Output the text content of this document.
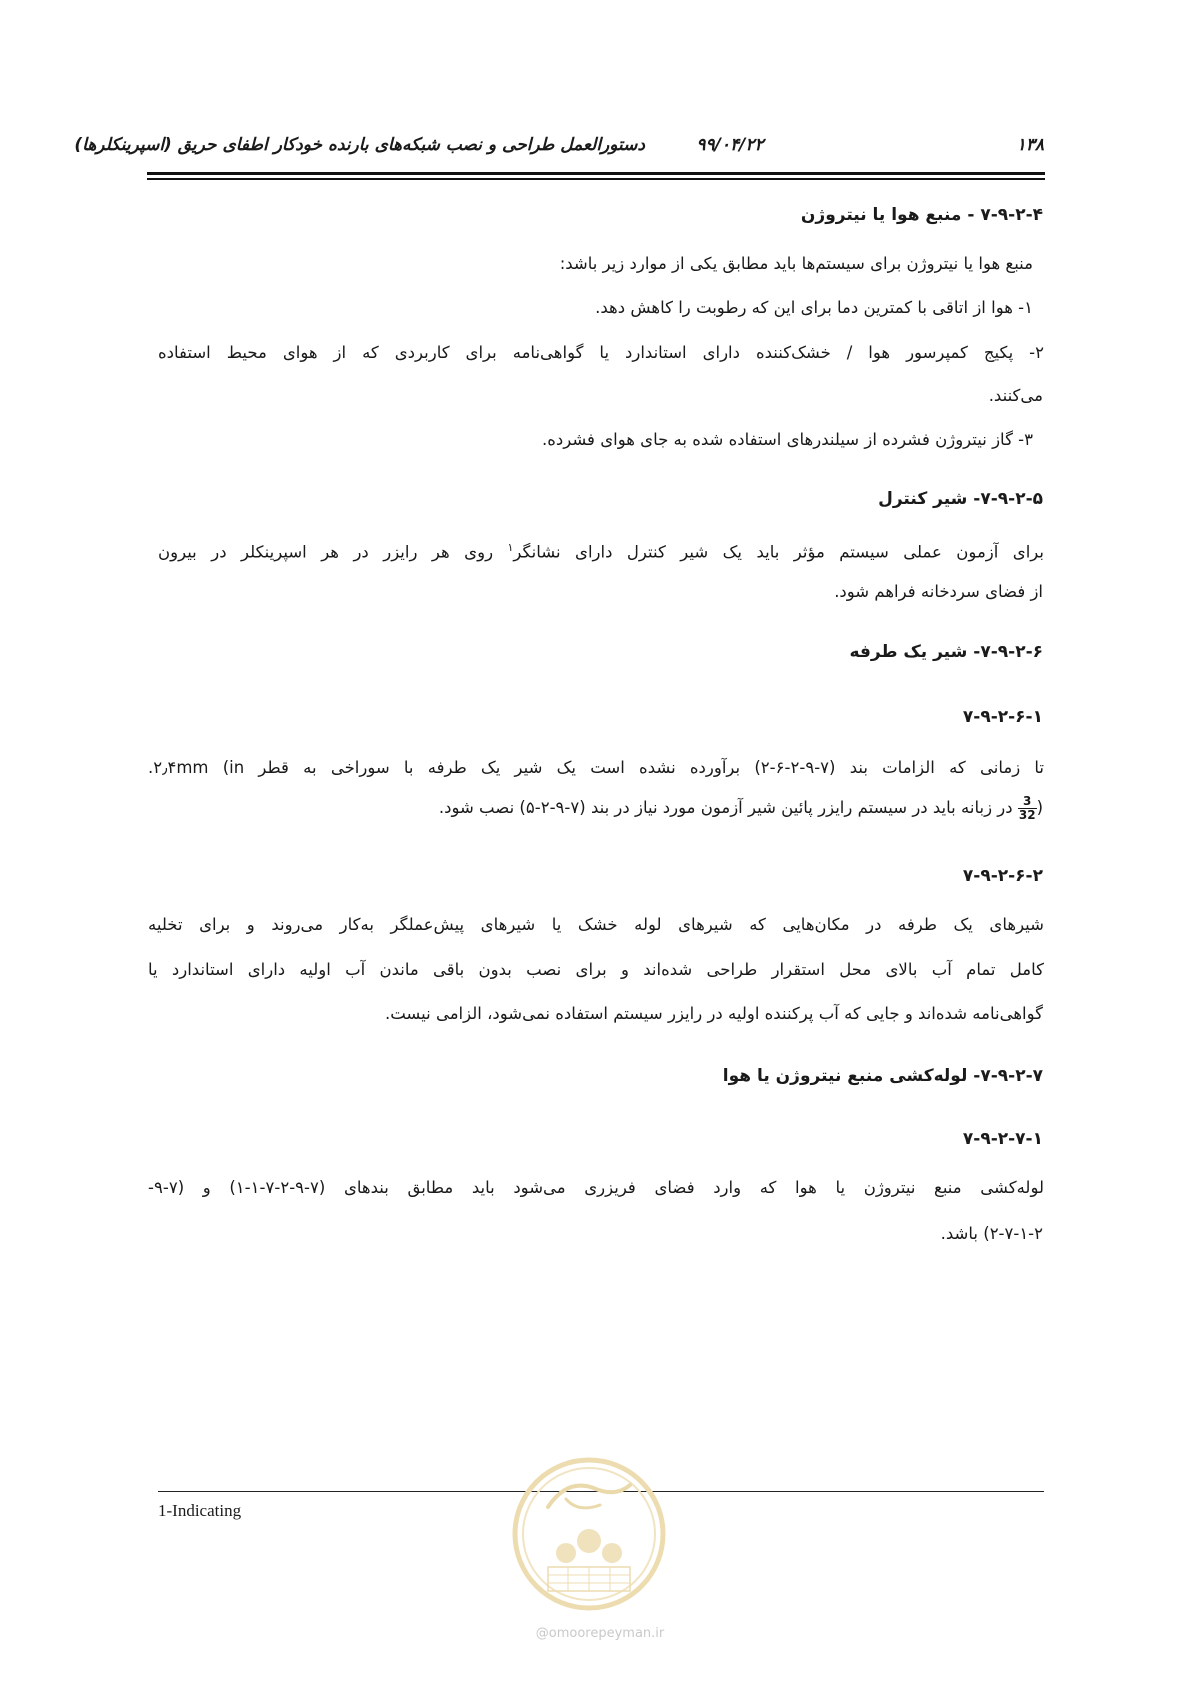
۱۳۸
۹۹/۰۴/۲۲
دستورالعمل طراحی و نصب شبکه‌های بارنده خودکار اطفای حریق (اسپرینکلرها)
۷-۹-۲-۴ - منبع هوا یا نیتروژن
منبع هوا یا نیتروژن برای سیستم‌ها باید مطابق یکی از موارد زیر باشد:
۱- هوا از اتاقی با کمترین دما برای این که رطوبت را کاهش دهد.
۲- پکیج کمپرسور هوا / خشک‌کننده دارای استاندارد یا گواهی‌نامه برای کاربردی که از هوای محیط استفاده
می‌کنند.
۳- گاز نیتروژن فشرده از سیلندرهای استفاده شده به جای هوای فشرده.
۷-۹-۲-۵- شیر کنترل
برای آزمون عملی سیستم مؤثر باید یک شیر کنترل دارای نشانگر$^۱$ روی هر رایزر در هر اسپرینکلر در بیرون
از فضای سردخانه فراهم شود.
۷-۹-۲-۶- شیر یک طرفه
۷-۹-۲-۶-۱
تا زمانی که الزامات بند (۷-۹-۲-۶-۲) برآورده نشده است یک شیر یک طرفه با سوراخی به قطر ۲٫۴mm (in.
(
$\frac{3}{32}$
در زبانه باید در سیستم رایزر پائین شیر آزمون مورد نیاز در بند (۷-۹-۲-۵) نصب شود.
۷-۹-۲-۶-۲
شیرهای یک طرفه در مکان‌هایی که شیرهای لوله خشک یا شیرهای پیش‌عملگر به‌کار می‌روند و برای تخلیه
کامل تمام آب بالای محل استقرار طراحی شده‌اند و برای نصب بدون باقی ماندن آب اولیه دارای استاندارد یا
گواهی‌نامه شده‌اند و جایی که آب پرکننده اولیه در رایزر سیستم استفاده نمی‌شود، الزامی نیست.
۷-۹-۲-۷- لوله‌کشی منبع نیتروژن یا هوا
۷-۹-۲-۷-۱
لوله‌کشی منبع نیتروژن یا هوا که وارد فضای فریزری می‌شود باید مطابق بندهای (۷-۹-۲-۷-۱-۱) و (۷-۹-
۲-۷-۱-۲) باشد.
1-Indicating
@omoorepeyman.ir
